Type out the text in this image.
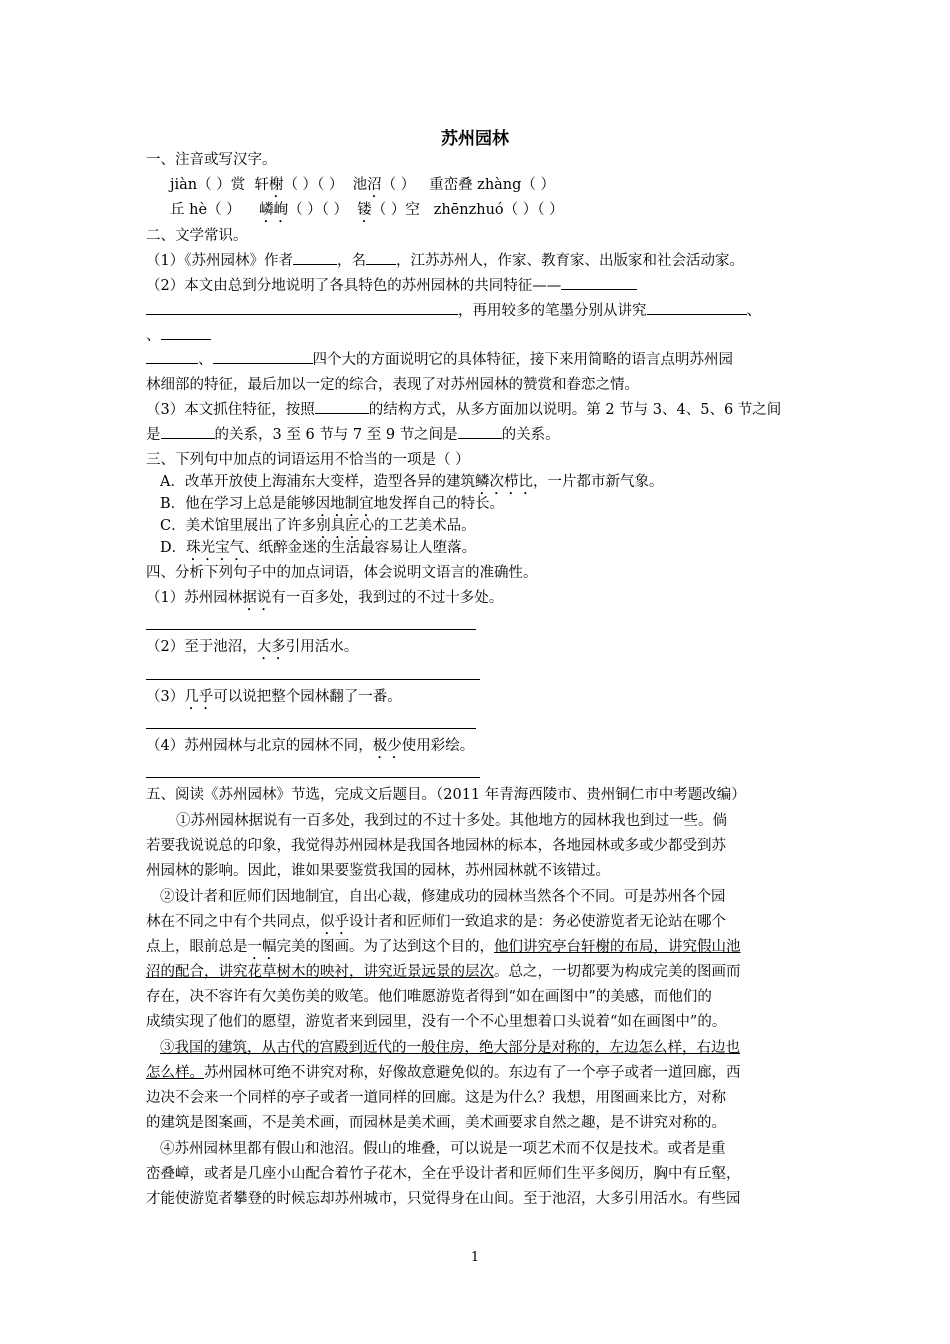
苏州园林
一、注音或写汉字。
jiàn（ ）赏 轩榭（ ）（ ） 池沼（ ） 重峦叠 zhàng（ ）
丘 hè（ ） 嶙峋（ ）（ ） 镂（ ）空 zhēnzhuó（ ）（ ）
二、文学常识。
（1）《苏州园林》作者	，名 ，江苏苏州人，作家、教育家、出版家和社会活动家。
（2）本文由总到分地说明了各具特色的苏州园林的共同特征——
，再用较多的笔墨分别从讲究	、
、
、	四个大的方面说明它的具体特征，接下来用简略的语言点明苏州园
林细部的特征，最后加以一定的综合，表现了对苏州园林的赞赏和眷恋之情。
（3）本文抓住特征，按照	的结构方式，从多方面加以说明。第 2 节与 3、4、5、6 节之间
是	的关系，3 至 6 节与 7 至 9 节之间是	的关系。
三、下列句中加点的词语运用不恰当的一项是（ ）
A．改革开放使上海浦东大变样，造型各异的建筑鳞次栉比，一片都市新气象。
B．他在学习上总是能够因地制宜地发挥自己的特长。
C．美术馆里展出了许多别具匠心的工艺美术品。
D．珠光宝气、纸醉金迷的生活最容易让人堕落。
四、分析下列句子中的加点词语，体会说明文语言的准确性。
（1）苏州园林据说有一百多处，我到过的不过十多处。
（2）至于池沼，大多引用活水。
（3）几乎可以说把整个园林翻了一番。
（4）苏州园林与北京的园林不同，极少使用彩绘。
五、阅读《苏州园林》节选，完成文后题目。（2011 年青海西陵市、贵州铜仁市中考题改编）
①苏州园林据说有一百多处，我到过的不过十多处。其他地方的园林我也到过一些。倘
若要我说说总的印象，我觉得苏州园林是我国各地园林的标本，各地园林或多或少都受到苏
州园林的影响。因此，谁如果要鉴赏我国的园林，苏州园林就不该错过。
②设计者和匠师们因地制宜，自出心裁，修建成功的园林当然各个不同。可是苏州各个园
林在不同之中有个共同点，似乎设计者和匠师们一致追求的是：务必使游览者无论站在哪个
点上，眼前总是一幅完美的图画。为了达到这个目的，他们讲究亭台轩榭的布局，讲究假山池
沼的配合，讲究花草树木的映衬，讲究近景远景的层次。总之，一切都要为构成完美的图画而
存在，决不容许有欠美伤美的败笔。他们唯愿游览者得到“如在画图中”的美感，而他们的
成绩实现了他们的愿望，游览者来到园里，没有一个不心里想着口头说着“如在画图中”的。
③我国的建筑，从古代的宫殿到近代的一般住房，绝大部分是对称的，左边怎么样，右边也
怎么样。苏州园林可绝不讲究对称，好像故意避免似的。东边有了一个亭子或者一道回廊，西
边决不会来一个同样的亭子或者一道同样的回廊。这是为什么？我想，用图画来比方，对称
的建筑是图案画，不是美术画，而园林是美术画，美术画要求自然之趣，是不讲究对称的。
④苏州园林里都有假山和池沼。假山的堆叠，可以说是一项艺术而不仅是技术。或者是重
峦叠嶂，或者是几座小山配合着竹子花木，全在乎设计者和匠师们生平多阅历，胸中有丘壑，
才能使游览者攀登的时候忘却苏州城市，只觉得身在山间。至于池沼，大多引用活水。有些园
1
